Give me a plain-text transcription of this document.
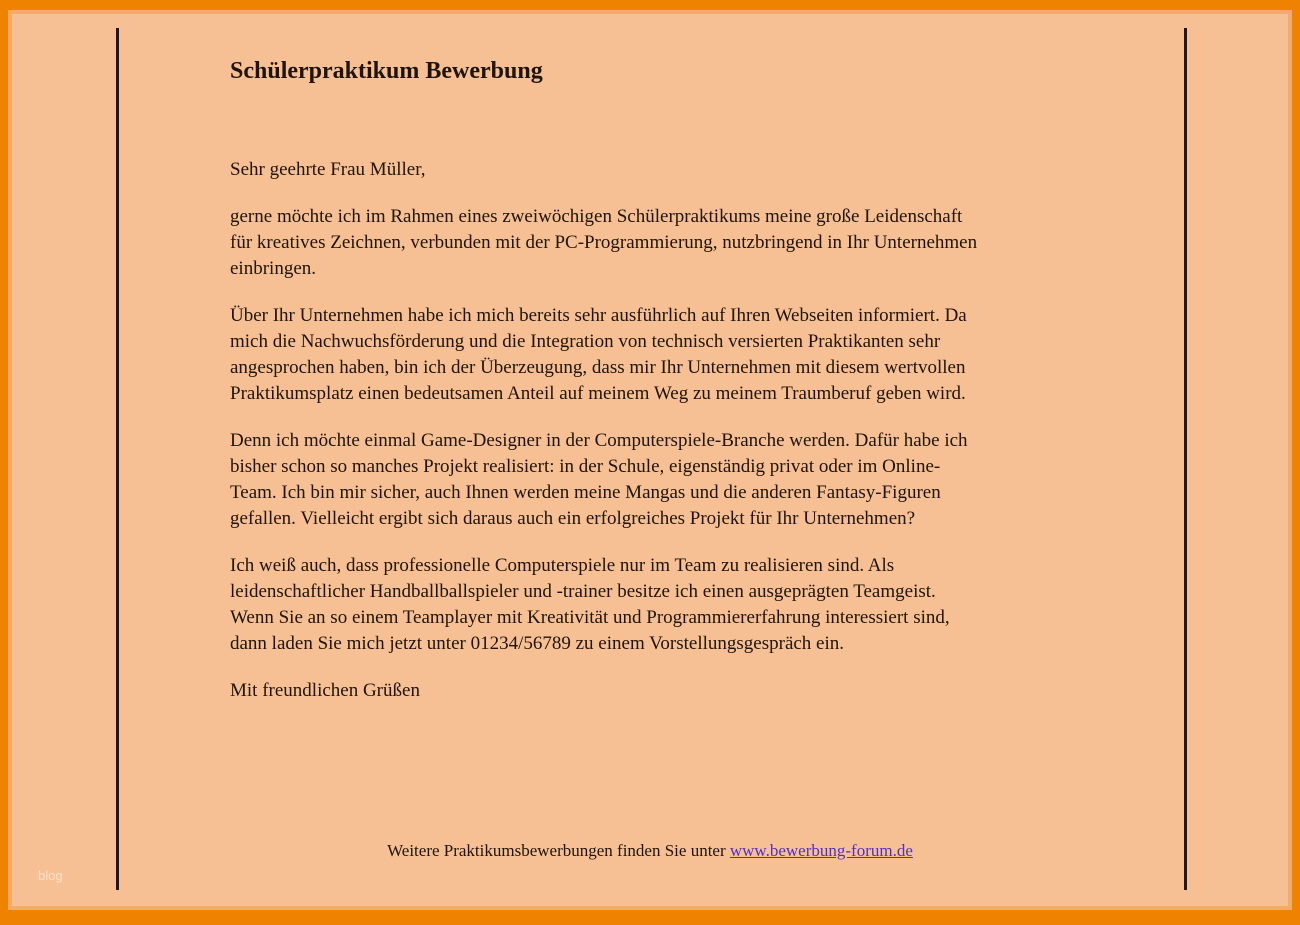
Schülerpraktikum Bewerbung
Sehr geehrte Frau Müller,
gerne möchte ich im Rahmen eines zweiwöchigen Schülerpraktikums meine große Leidenschaft
für kreatives Zeichnen, verbunden mit der PC-Programmierung, nutzbringend in Ihr Unternehmen
einbringen.
Über Ihr Unternehmen habe ich mich bereits sehr ausführlich auf Ihren Webseiten informiert. Da
mich die Nachwuchsförderung und die Integration von technisch versierten Praktikanten sehr
angesprochen haben, bin ich der Überzeugung, dass mir Ihr Unternehmen mit diesem wertvollen
Praktikumsplatz einen bedeutsamen Anteil auf meinem Weg zu meinem Traumberuf geben wird.
Denn ich möchte einmal Game-Designer in der Computerspiele-Branche werden. Dafür habe ich
bisher schon so manches Projekt realisiert: in der Schule, eigenständig privat oder im Online-
Team. Ich bin mir sicher, auch Ihnen werden meine Mangas und die anderen Fantasy-Figuren
gefallen. Vielleicht ergibt sich daraus auch ein erfolgreiches Projekt für Ihr Unternehmen?
Ich weiß auch, dass professionelle Computerspiele nur im Team zu realisieren sind. Als
leidenschaftlicher Handballballspieler und -trainer besitze ich einen ausgeprägten Teamgeist.
Wenn Sie an so einem Teamplayer mit Kreativität und Programmiererfahrung interessiert sind,
dann laden Sie mich jetzt unter 01234/56789 zu einem Vorstellungsgespräch ein.
Mit freundlichen Grüßen
Weitere Praktikumsbewerbungen finden Sie unter www.bewerbung-forum.de
blog
